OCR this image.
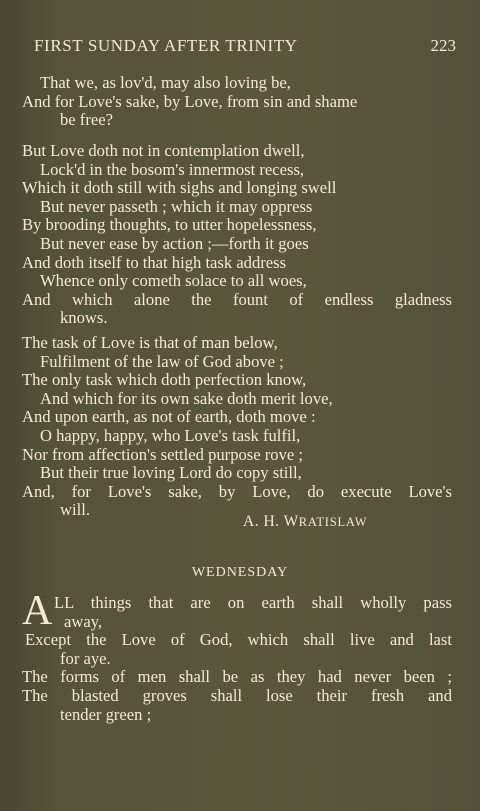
FIRST SUNDAY AFTER TRINITY	223
That we, as lov'd, may also loving be,
And for Love's sake, by Love, from sin and shame
be free?
But Love doth not in contemplation dwell,
Lock'd in the bosom's innermost recess,
Which it doth still with sighs and longing swell
But never passeth ; which it may oppress
By brooding thoughts, to utter hopelessness,
But never ease by action ;—forth it goes
And doth itself to that high task address
Whence only cometh solace to all woes,
And which alone the fount of endless gladness
knows.
The task of Love is that of man below,
Fulfilment of the law of God above ;
The only task which doth perfection know,
And which for its own sake doth merit love,
And upon earth, as not of earth, doth move :
O happy, happy, who Love's task fulfil,
Nor from affection's settled purpose rove ;
But their true loving Lord do copy still,
And, for Love's sake, by Love, do execute Love's
will.
A. H. WRATISLAW
WEDNESDAY
A LL things that are on earth shall wholly pass
away,
Except the Love of God, which shall live and last
for aye.
The forms of men shall be as they had never been ;
The blasted groves shall lose their fresh and
tender green ;
